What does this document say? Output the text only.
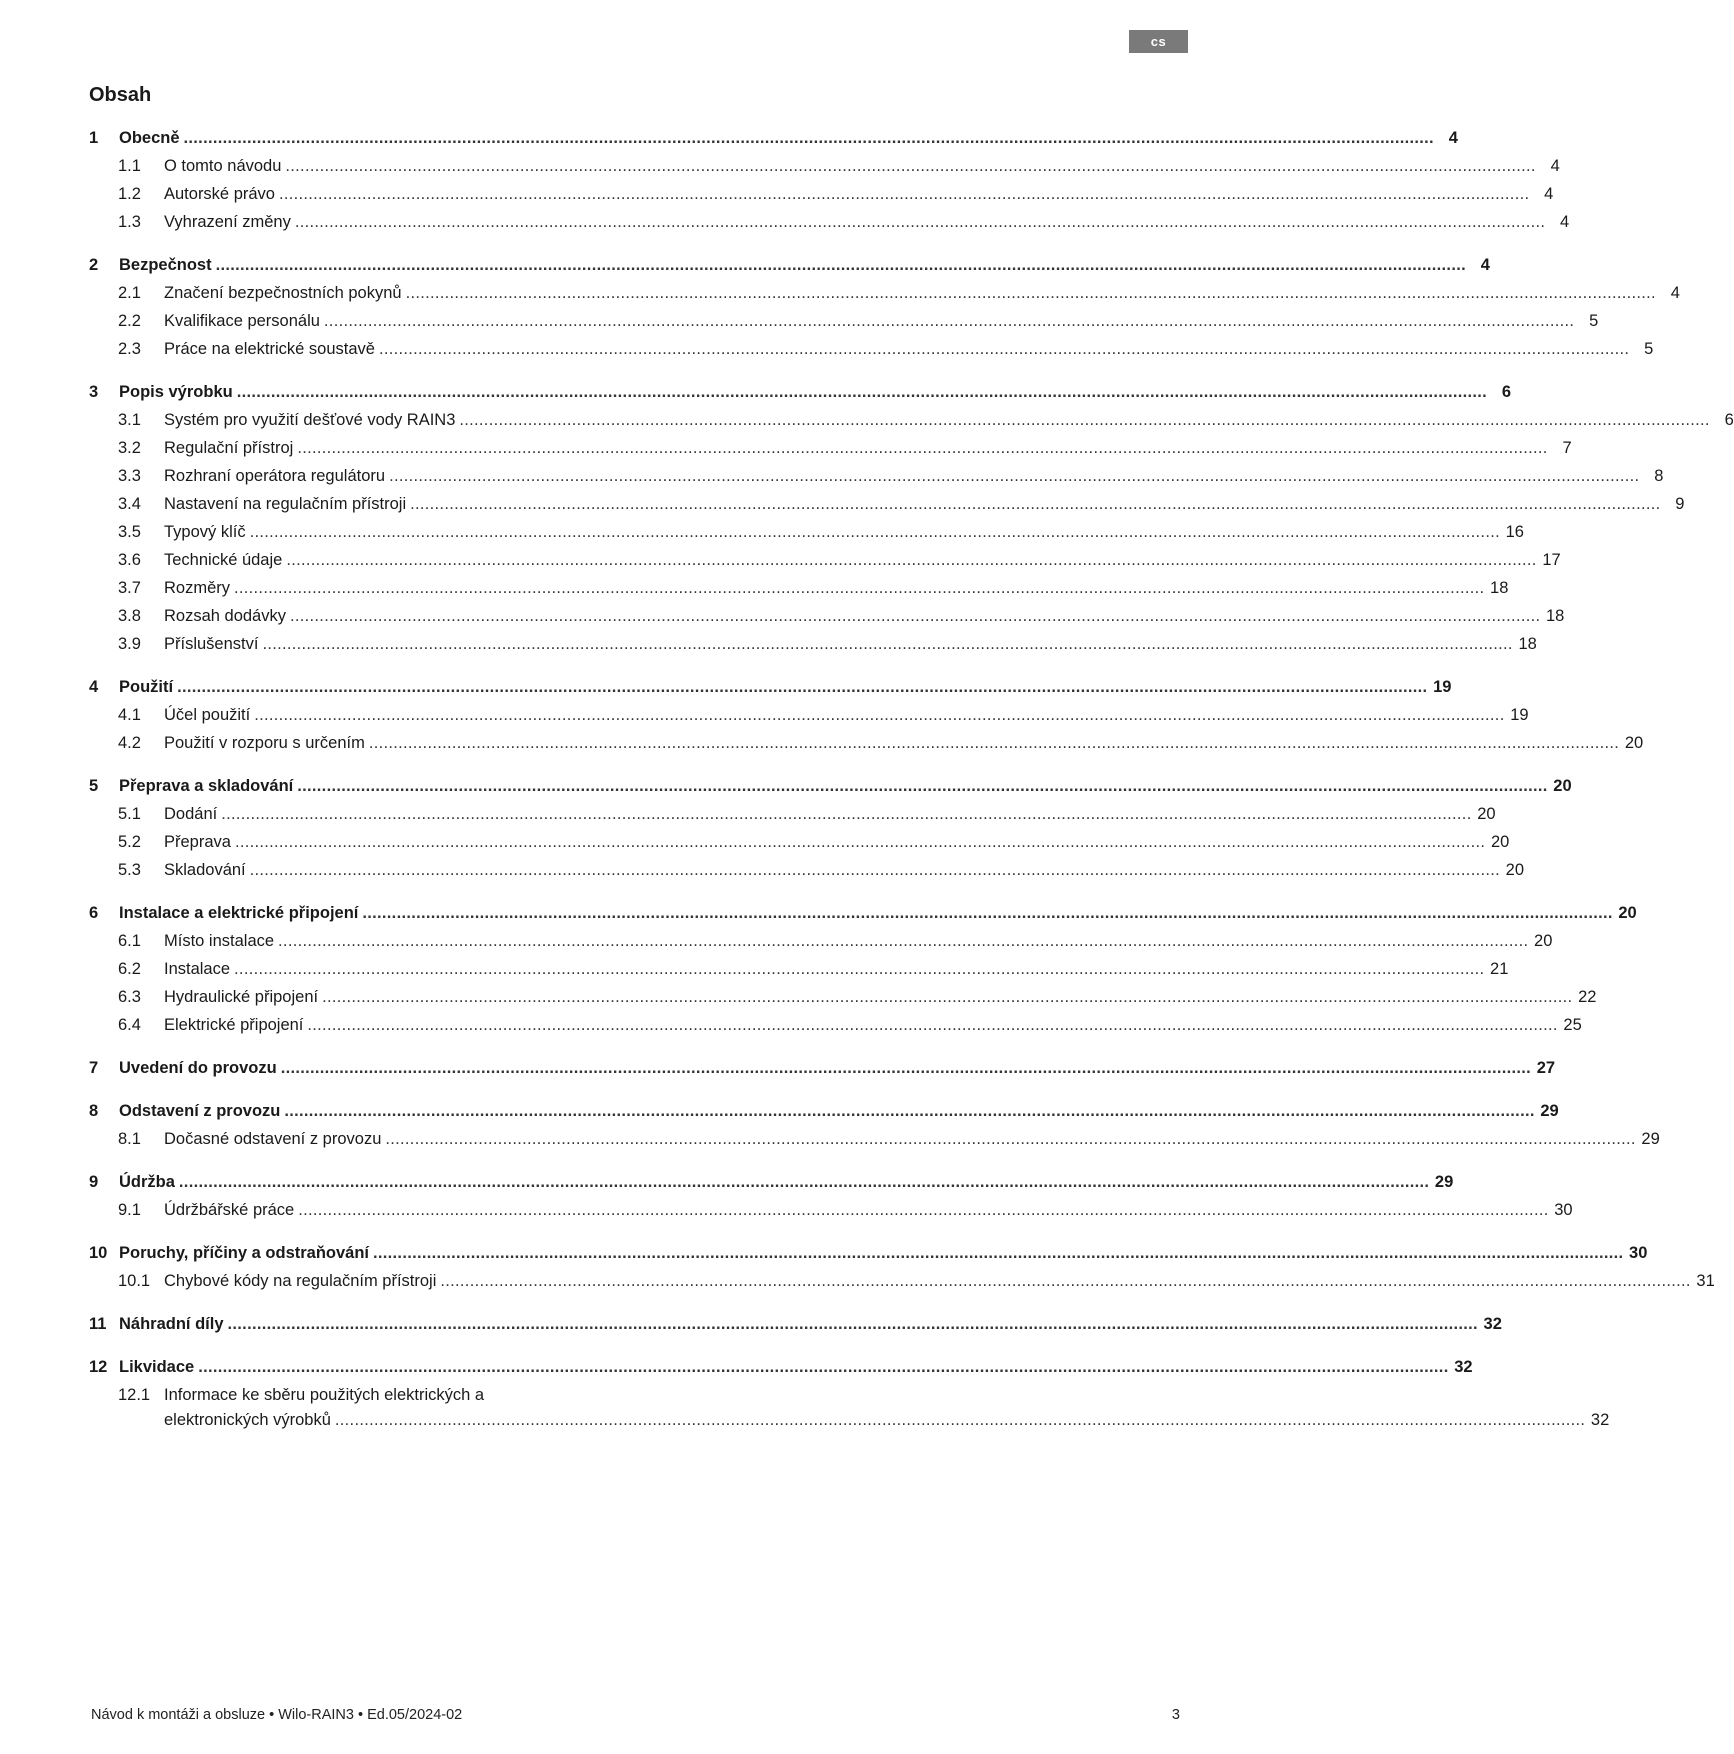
cs
Obsah
1	Obecně .....	4
1.1	O tomto návodu .....	4
1.2	Autorské právo .....	4
1.3	Vyhrazení změny .....	4
2	Bezpečnost .....	4
2.1	Značení bezpečnostních pokynů .....	4
2.2	Kvalifikace personálu .....	5
2.3	Práce na elektrické soustavě .....	5
3	Popis výrobku .....	6
3.1	Systém pro využití dešťové vody RAIN3 .....	6
3.2	Regulační přístroj .....	7
3.3	Rozhraní operátora regulátoru .....	8
3.4	Nastavení na regulačním přístroji .....	9
3.5	Typový klíč .....	16
3.6	Technické údaje .....	17
3.7	Rozměry .....	18
3.8	Rozsah dodávky .....	18
3.9	Příslušenství .....	18
4	Použití .....	19
4.1	Účel použití .....	19
4.2	Použití v rozporu s určením .....	20
5	Přeprava a skladování .....	20
5.1	Dodání .....	20
5.2	Přeprava .....	20
5.3	Skladování .....	20
6	Instalace a elektrické připojení .....	20
6.1	Místo instalace .....	20
6.2	Instalace .....	21
6.3	Hydraulické připojení .....	22
6.4	Elektrické připojení .....	25
7	Uvedení do provozu .....	27
8	Odstavení z provozu .....	29
8.1	Dočasné odstavení z provozu .....	29
9	Údržba .....	29
9.1	Údržbářské práce .....	30
10 Poruchy, příčiny a odstraňování .....	30
10.1 Chybové kódy na regulačním přístroji .....	31
11 Náhradní díly .....	32
12 Likvidace .....	32
12.1 Informace ke sběru použitých elektrických a
elektronických výrobků .....	32
Návod k montáži a obsluze • Wilo-RAIN3 • Ed.05/2024-02	3
